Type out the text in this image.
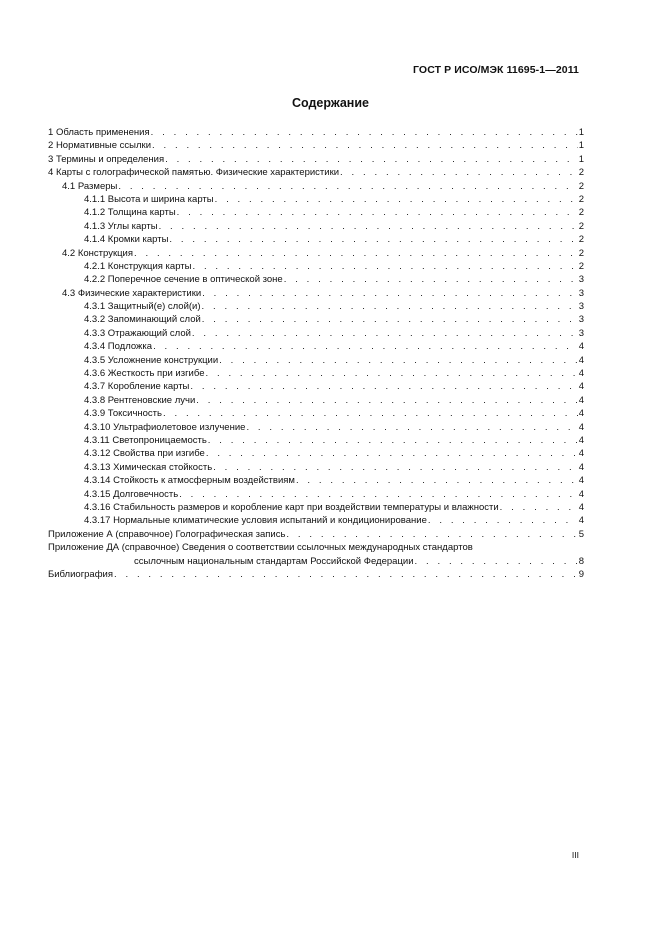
ГОСТ Р ИСО/МЭК 11695-1—2011
Содержание
1 Область применения . . .	1
2 Нормативные ссылки . . .	1
3 Термины и определения . . .	1
4 Карты с голографической памятью. Физические характеристики . . .	2
4.1 Размеры . . .	2
4.1.1 Высота и ширина карты . . .	2
4.1.2 Толщина карты . . .	2
4.1.3 Углы карты . . .	2
4.1.4 Кромки карты . . .	2
4.2 Конструкция . . .	2
4.2.1 Конструкция карты . . .	2
4.2.2 Поперечное сечение в оптической зоне . . .	3
4.3 Физические характеристики . . .	3
4.3.1 Защитный(е) слой(и) . . .	3
4.3.2 Запоминающий слой . . .	3
4.3.3 Отражающий слой . . .	3
4.3.4 Подложка . . .	4
4.3.5 Усложнение конструкции . . .	4
4.3.6 Жесткость при изгибе . . .	4
4.3.7 Коробление карты . . .	4
4.3.8 Рентгеновские лучи . . .	4
4.3.9 Токсичность . . .	4
4.3.10 Ультрафиолетовое излучение . . .	4
4.3.11 Светопроницаемость . . .	4
4.3.12 Свойства при изгибе . . .	4
4.3.13 Химическая стойкость . . .	4
4.3.14 Стойкость к атмосферным воздействиям . . .	4
4.3.15 Долговечность . . .	4
4.3.16 Стабильность размеров и коробление карт при воздействии температуры и влажности . . .	4
4.3.17 Нормальные климатические условия испытаний и кондиционирование . . .	4
Приложение А (справочное) Голографическая запись . . .	5
Приложение ДА (справочное) Сведения о соответствии ссылочных международных стандартов
ссылочным национальным стандартам Российской Федерации . . .	8
Библиография . . .	9
III
